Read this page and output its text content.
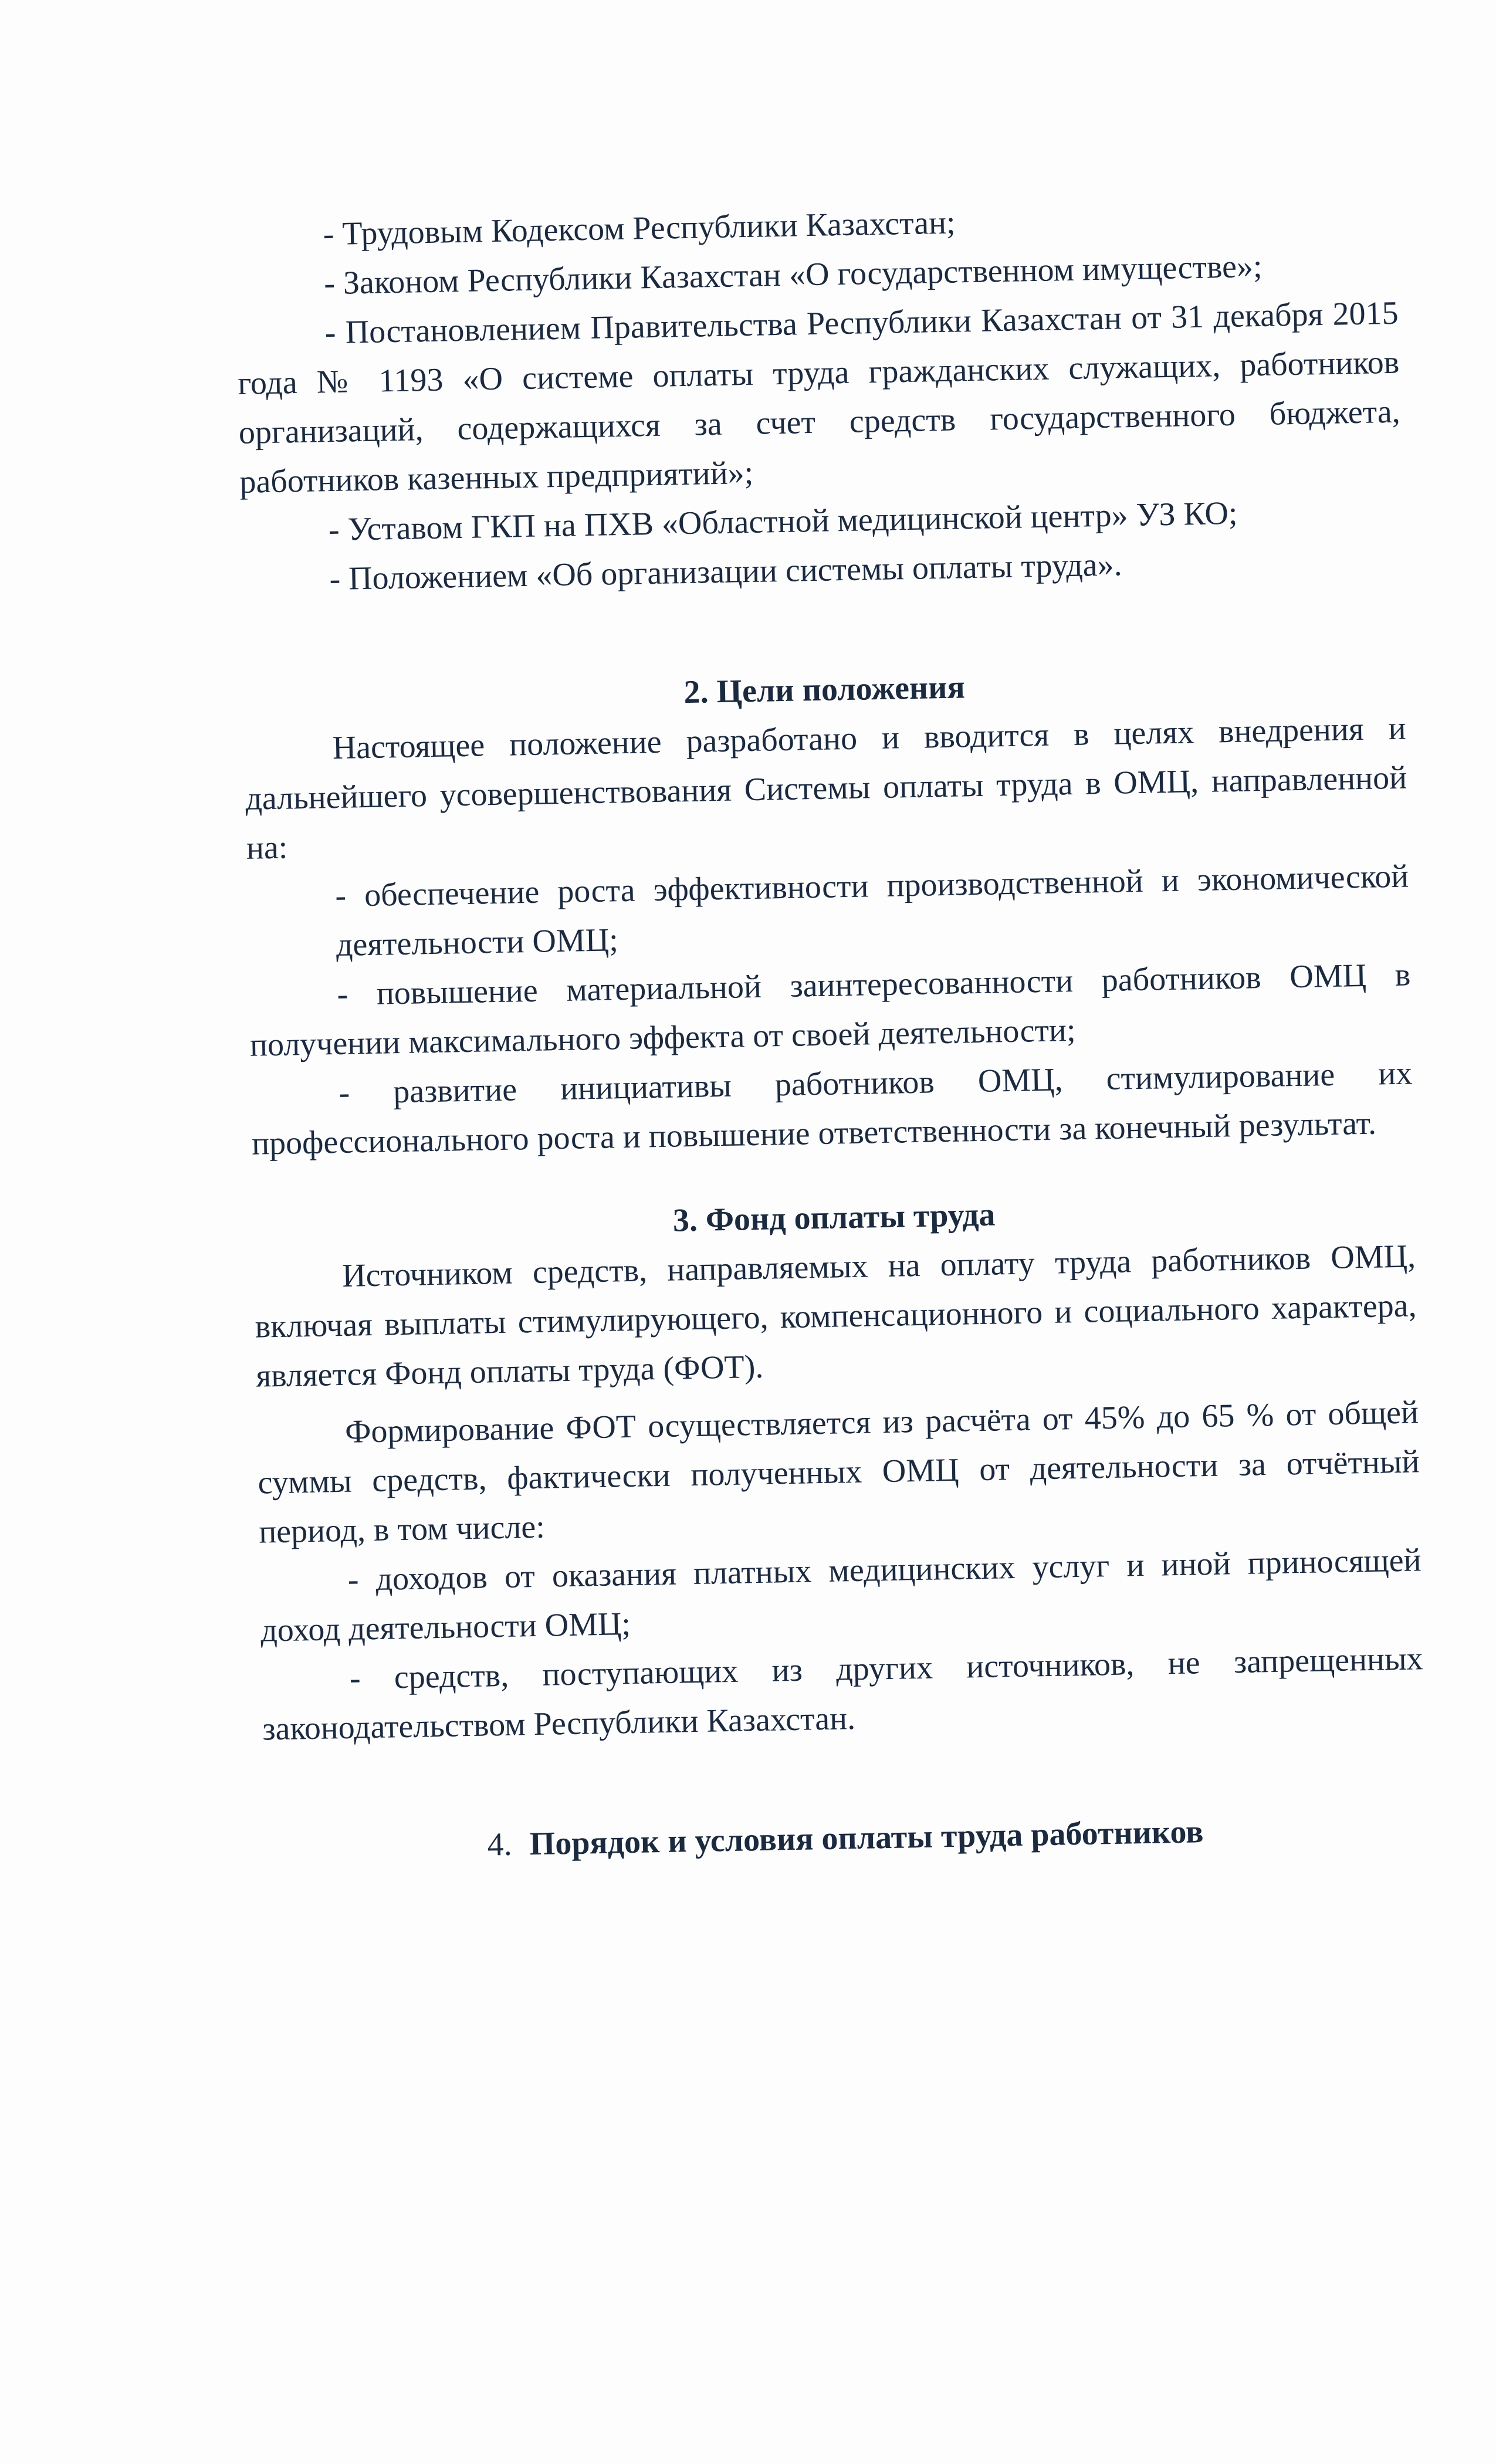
- Трудовым Кодексом Республики Казахстан;

- Законом Республики Казахстан «О государственном имуществе»;

- Постановлением Правительства Республики Казахстан от 31 декабря 2015 года № 1193 «О системе оплаты труда гражданских служащих, работников организаций, содержащихся за счет средств государственного бюджета, работников казенных предприятий»;

- Уставом ГКП на ПХВ «Областной медицинской центр» УЗ КО;

- Положением «Об организации системы оплаты труда».

2. Цели положения

Настоящее положение разработано и вводится в целях внедрения и дальнейшего усовершенствования Системы оплаты труда в ОМЦ, направленной на:

- обеспечение роста эффективности производственной и экономической деятельности ОМЦ;

- повышение материальной заинтересованности работников ОМЦ в получении максимального эффекта от своей деятельности;

- развитие инициативы работников ОМЦ, стимулирование их профессионального роста и повышение ответственности за конечный результат.

3. Фонд оплаты труда

Источником средств, направляемых на оплату труда работников ОМЦ, включая выплаты стимулирующего, компенсационного и социального характера, является Фонд оплаты труда (ФОТ).

Формирование ФОТ осуществляется из расчёта от 45% до 65 % от общей суммы средств, фактически полученных ОМЦ от деятельности за отчётный период, в том числе:

- доходов от оказания платных медицинских услуг и иной приносящей доход деятельности ОМЦ;

- средств, поступающих из других источников, не запрещенных законодательством Республики Казахстан.

4. Порядок и условия оплаты труда работников
